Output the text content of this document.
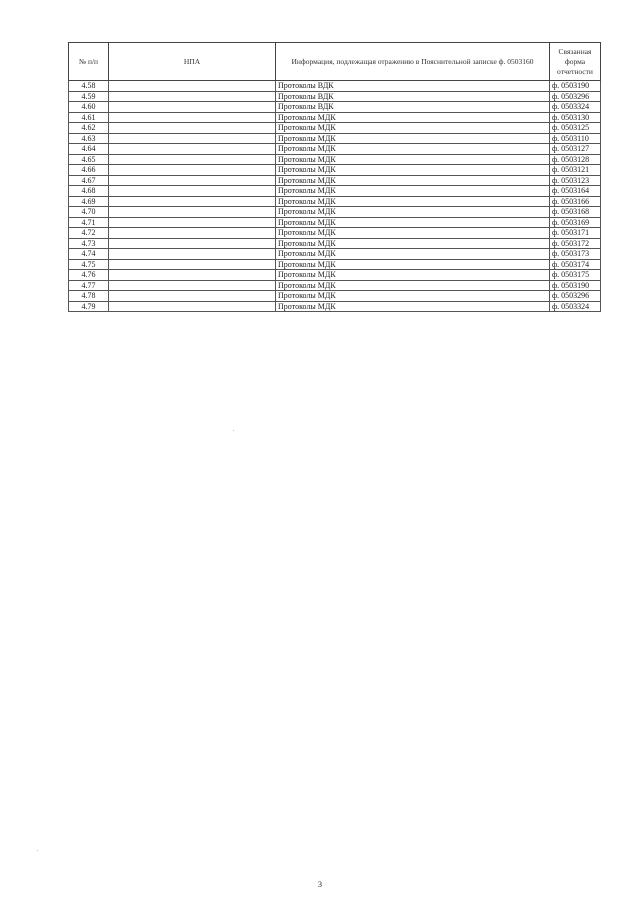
№ п/п	НПА	Информация, подлежащая отражению в Пояснительной записке ф. 0503160	Связанная форма отчетности
4.58		Протоколы ВДК	ф. 0503190
4.59		Протоколы ВДК	ф. 0503296
4.60		Протоколы ВДК	ф. 0503324
4.61		Протоколы МДК	ф. 0503130
4.62		Протоколы МДК	ф. 0503125
4.63		Протоколы МДК	ф. 0503110
4.64		Протоколы МДК	ф. 0503127
4.65		Протоколы МДК	ф. 0503128
4.66		Протоколы МДК	ф. 0503121
4.67		Протоколы МДК	ф. 0503123
4.68		Протоколы МДК	ф. 0503164
4.69		Протоколы МДК	ф. 0503166
4.70		Протоколы МДК	ф. 0503168
4.71		Протоколы МДК	ф. 0503169
4.72		Протоколы МДК	ф. 0503171
4.73		Протоколы МДК	ф. 0503172
4.74		Протоколы МДК	ф. 0503173
4.75		Протоколы МДК	ф. 0503174
4.76		Протоколы МДК	ф. 0503175
4.77		Протоколы МДК	ф. 0503190
4.78		Протоколы МДК	ф. 0503296
4.79		Протоколы МДК	ф. 0503324
3
